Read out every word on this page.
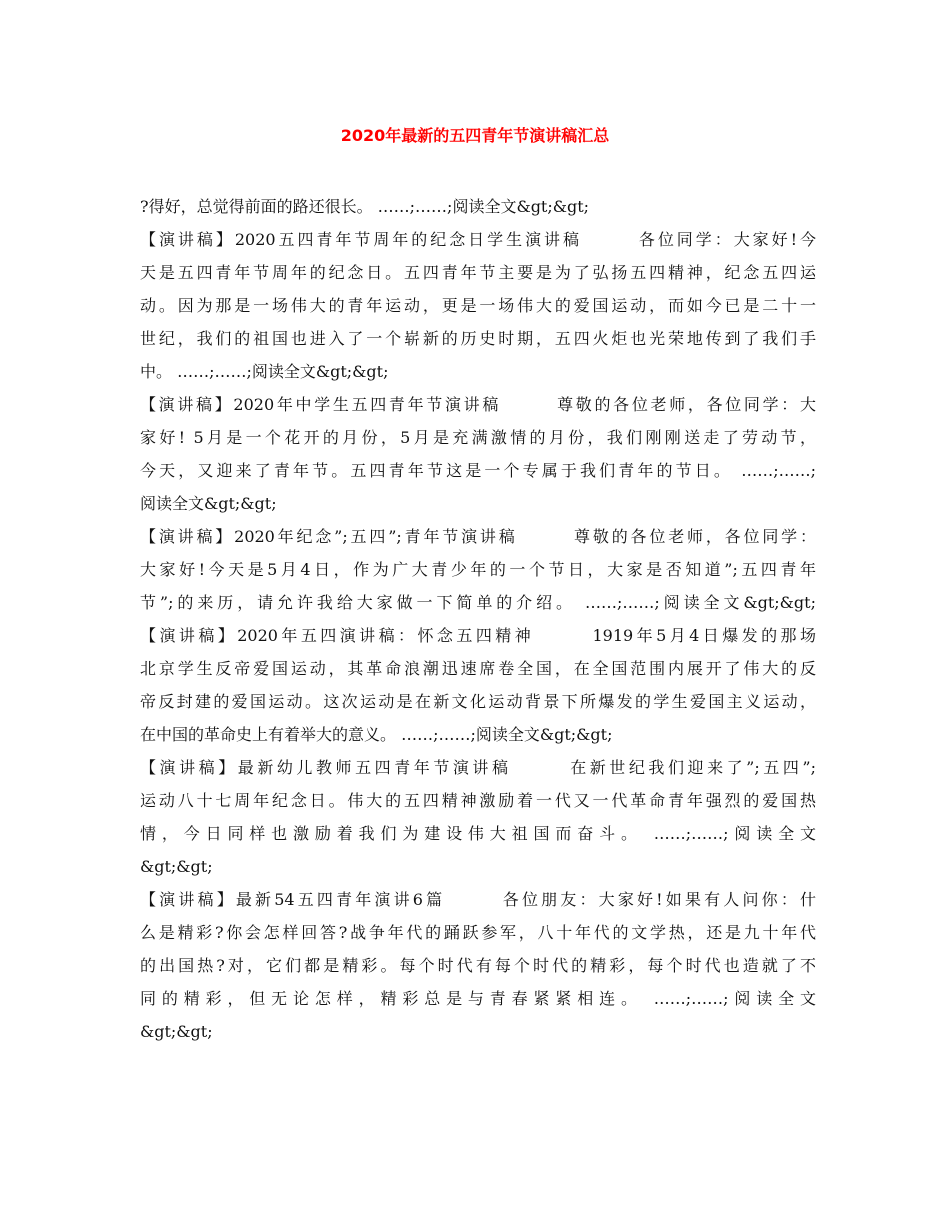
2020年最新的五四青年节演讲稿汇总
?得好，总觉得前面的路还很长。 ……;……;阅读全文&gt;&gt;
【演讲稿】2020五四青年节周年的纪念日学生演讲稿　　　各位同学：大家好!今
天是五四青年节周年的纪念日。五四青年节主要是为了弘扬五四精神，纪念五四运
动。因为那是一场伟大的青年运动，更是一场伟大的爱国运动，而如今已是二十一
世纪，我们的祖国也进入了一个崭新的历史时期，五四火炬也光荣地传到了我们手
中。 ……;……;阅读全文&gt;&gt;
【演讲稿】2020年中学生五四青年节演讲稿　　　尊敬的各位老师，各位同学：大
家好! 5月是一个花开的月份，5月是充满激情的月份，我们刚刚送走了劳动节，
今天，又迎来了青年节。五四青年节这是一个专属于我们青年的节日。 ……;……;
阅读全文&gt;&gt;
【演讲稿】2020年纪念”;五四”;青年节演讲稿　　　尊敬的各位老师，各位同学：
大家好!今天是5月4日，作为广大青少年的一个节日，大家是否知道”;五四青年
节”;的来历，请允许我给大家做一下简单的介绍。 ……;……;阅读全文&gt;&gt;
【演讲稿】2020年五四演讲稿：怀念五四精神　　　1919年5月4日爆发的那场
北京学生反帝爱国运动，其革命浪潮迅速席卷全国，在全国范围内展开了伟大的反
帝反封建的爱国运动。这次运动是在新文化运动背景下所爆发的学生爱国主义运动，
在中国的革命史上有着举大的意义。 ……;……;阅读全文&gt;&gt;
【演讲稿】最新幼儿教师五四青年节演讲稿　　　在新世纪我们迎来了”;五四”;
运动八十七周年纪念日。伟大的五四精神激励着一代又一代革命青年强烈的爱国热
情，今日同样也激励着我们为建设伟大祖国而奋斗。 ……;……;阅读全文
&gt;&gt;
【演讲稿】最新54五四青年演讲6篇　　　各位朋友：大家好!如果有人问你：什
么是精彩?你会怎样回答?战争年代的踊跃参军，八十年代的文学热，还是九十年代
的出国热?对，它们都是精彩。每个时代有每个时代的精彩，每个时代也造就了不
同的精彩，但无论怎样，精彩总是与青春紧紧相连。 ……;……;阅读全文
&gt;&gt;
